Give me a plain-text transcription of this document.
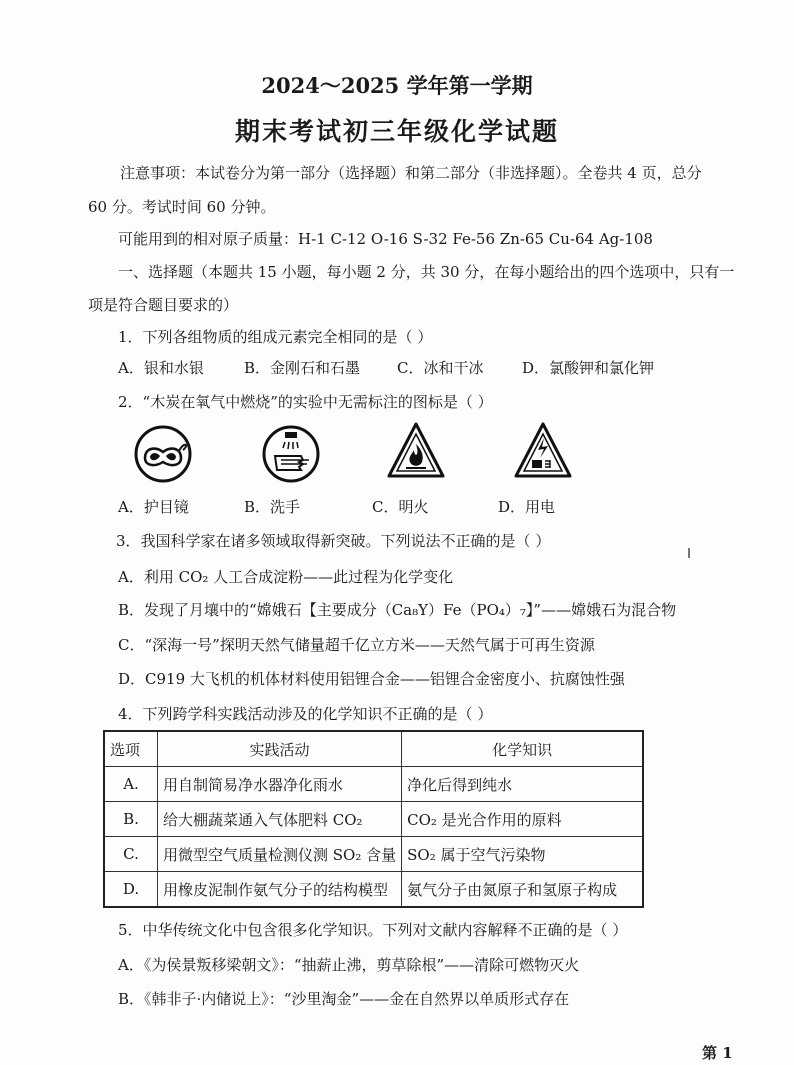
2024～2025 学年第一学期
期末考试初三年级化学试题
注意事项：本试卷分为第一部分（选择题）和第二部分（非选择题）。全卷共 4 页，总分
60 分。考试时间 60 分钟。
可能用到的相对原子质量：H-1 C-12 O-16 S-32 Fe-56 Zn-65 Cu-64 Ag-108
一、选择题（本题共 15 小题，每小题 2 分，共 30 分，在每小题给出的四个选项中，只有一
项是符合题目要求的）
1．下列各组物质的组成元素完全相同的是（ ）
A．银和水银	B．金刚石和石墨 C．冰和干冰	D．氯酸钾和氯化钾
2．“木炭在氧气中燃烧”的实验中无需标注的图标是（ ）
A．护目镜	B．洗手	C．明火	D．用电
3．我国科学家在诸多领域取得新突破。下列说法不正确的是（ ）
A．利用 CO₂ 人工合成淀粉——此过程为化学变化
B．发现了月壤中的“嫦娥石【主要成分（Ca₈Y）Fe（PO₄）₇】”——嫦娥石为混合物
C．“深海一号”探明天然气储量超千亿立方米——天然气属于可再生资源
D．C919 大飞机的机体材料使用铝锂合金——铝锂合金密度小、抗腐蚀性强
4．下列跨学科实践活动涉及的化学知识不正确的是（ ）
选项	实践活动	化学知识
A.	用自制简易净水器净化雨水	净化后得到纯水
B.	给大棚蔬菜通入气体肥料 CO₂	CO₂ 是光合作用的原料
C.	用微型空气质量检测仪测 SO₂ 含量	SO₂ 属于空气污染物
D.	用橡皮泥制作氨气分子的结构模型	氨气分子由氮原子和氢原子构成
5．中华传统文化中包含很多化学知识。下列对文献内容解释不正确的是（ ）
A．《为侯景叛移梁朝文》：“抽薪止沸，剪草除根”——清除可燃物灭火
B．《韩非子·内储说上》：“沙里淘金”——金在自然界以单质形式存在
第 1
